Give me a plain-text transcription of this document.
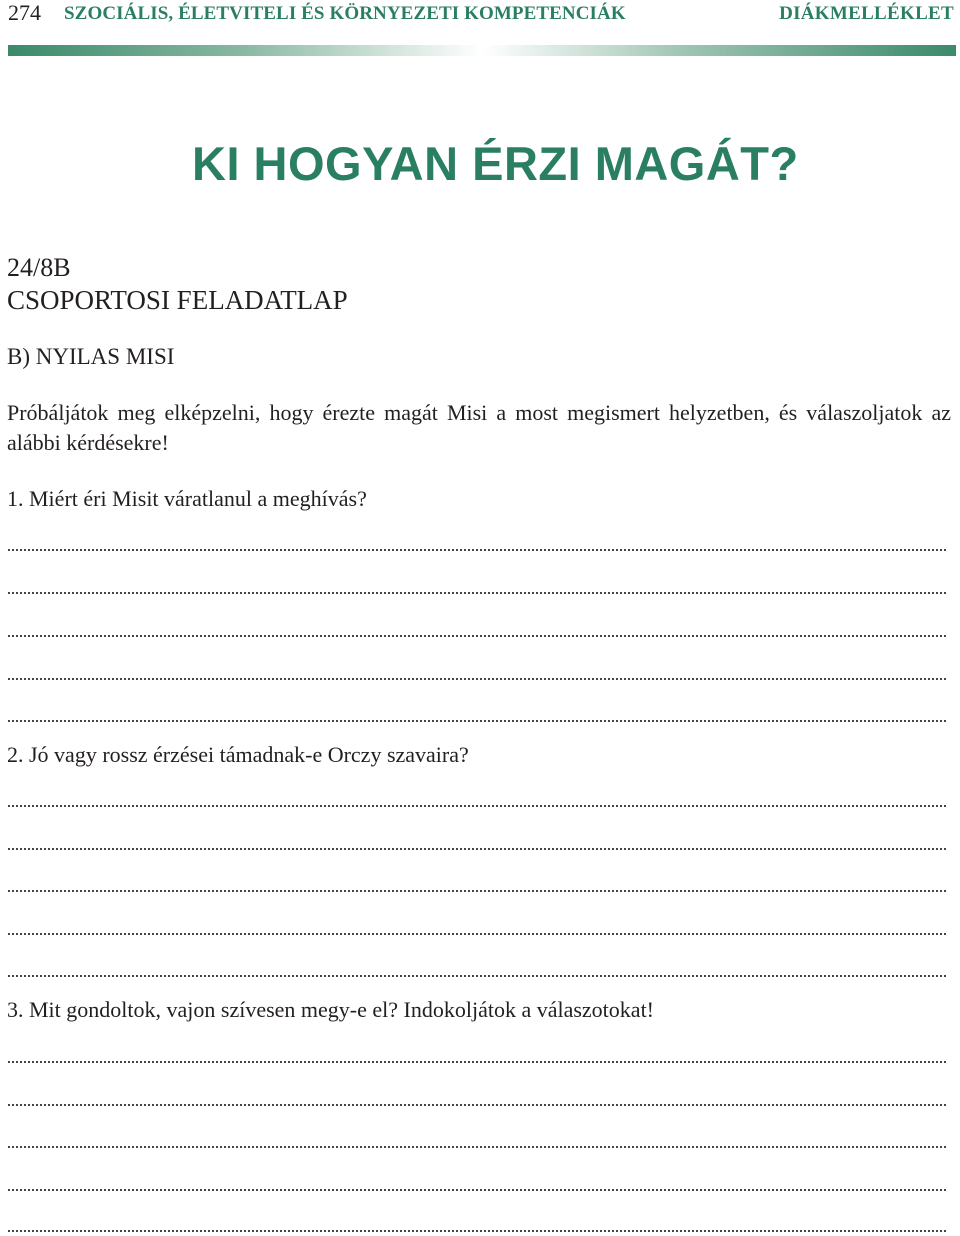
274 SZOCIÁLIS, ÉLETVITELI ÉS KÖRNYEZETI KOMPETENCIÁK	DIÁKMELLÉKLET
KI HOGYAN ÉRZI MAGÁT?
24/8B
CSOPORTOSI FELADATLAP
B) NYILAS MISI

Próbáljátok meg elképzelni, hogy érezte magát Misi a most megismert helyzetben, és válaszoljatok az alábbi kérdésekre!

1. Miért éri Misit váratlanul a meghívás?
2. Jó vagy rossz érzései támadnak-e Orczy szavaira?
3. Mit gondoltok, vajon szívesen megy-e el? Indokoljátok a válaszotokat!
